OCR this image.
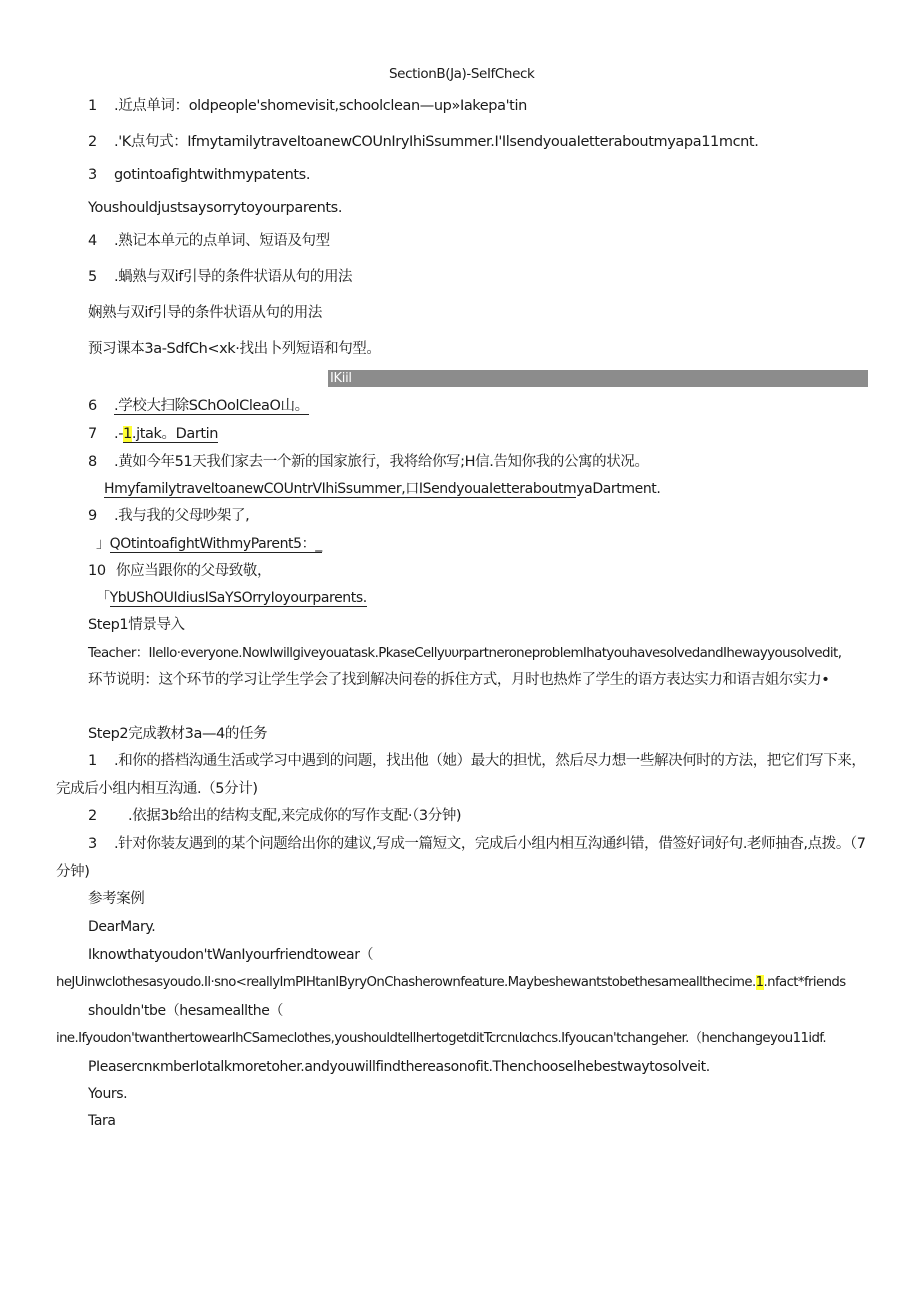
SectionB(Ja)-SeIfCheck
1 .近点单词：oldpeople'shomevisit,schoolclean—up»Iakepa'tin
2 .'K点句式：IfmytamilytraveItoanewCOUnIryIhiSsummer.I'IlsendyouaIetteraboutmyapa11mcnt.
3 gotintoafightwithmypatents.
Youshouldjustsaysorrytoyourparents.
4 .熟记本单元的点单词、短语及句型
5 .蝸熟与双if引导的条件状语从句的用法
娴熟与双if引导的条件状语从句的用法
预习课本3a-SdfCh<xk·找出卜列短语和句型。
IKiil
6 .学校大扫除SChOolCleaO山。
7 .-1.jtak。Dartin
8 .黄如今年51天我们家去一个新的国家旅行，我将给你写;H信.告知你我的公寓的状况。
HmyfamilytraveItoanewCOUntrVIhiSsummer,口ISendyouaIetteraboutmyaDartment.
9 .我与我的父母吵架了,
」QOtintoafightWithmyParent5：_
10 你应当跟你的父母致敬，
「YbUShOUIdiusISaYSOrryIoyourparents.
Step1情景导入
Teacher：IIello·everyone.NowIwillgiveyouatask.PkaseCellyυυrpartneroneproblemIhatyouhavesolvedandIhewayyousolvedit,
环节说明：这个环节的学习让学生学会了找到解决问卷的拆住方式，月时也热炸了学生的语方表达实力和语吉姐尔实力•
Step2完成教材3a—4的任务
1 .和你的搭档沟通生活或学习中遇到的问题，找出他（她）最大的担忧，然后尽力想一些解决何时的方法，把它们写下来，完成后小组内相互沟通.（5分计)
2 .依据3b给出的结构支配,来完成你的写作支配·（3分钟)
3 .针对你装友遇到的某个问题给出你的建议,写成一篇短文，完成后小组内相互沟通纠错，借签好词好句.老师抽杳,点拨。（7分钟)
参考案例
DearMary.
Iknowthatyoudon'tWanIyourfriendtowear（
heJUinwclothesasyoudo.Il·sno<reallyImPIHtanIByryOnChasherownfeature.Maybeshewantstobethesameallthecime.1.nfact*friends
shouldn'tbe（hesameallthe（
ine.Ifyoudon'twanthertowearIhCSameclothes,youshouldtellhertogetditTcrcnιlαchcs.Ifyoucan'tchangeher.（henchangeyou11idf.
PIeasercnκmberIotalkmoretoher.andyouwillfindthereasonofit.ThenchooseIhebestwaytosolveit.
Yours.
Tara
